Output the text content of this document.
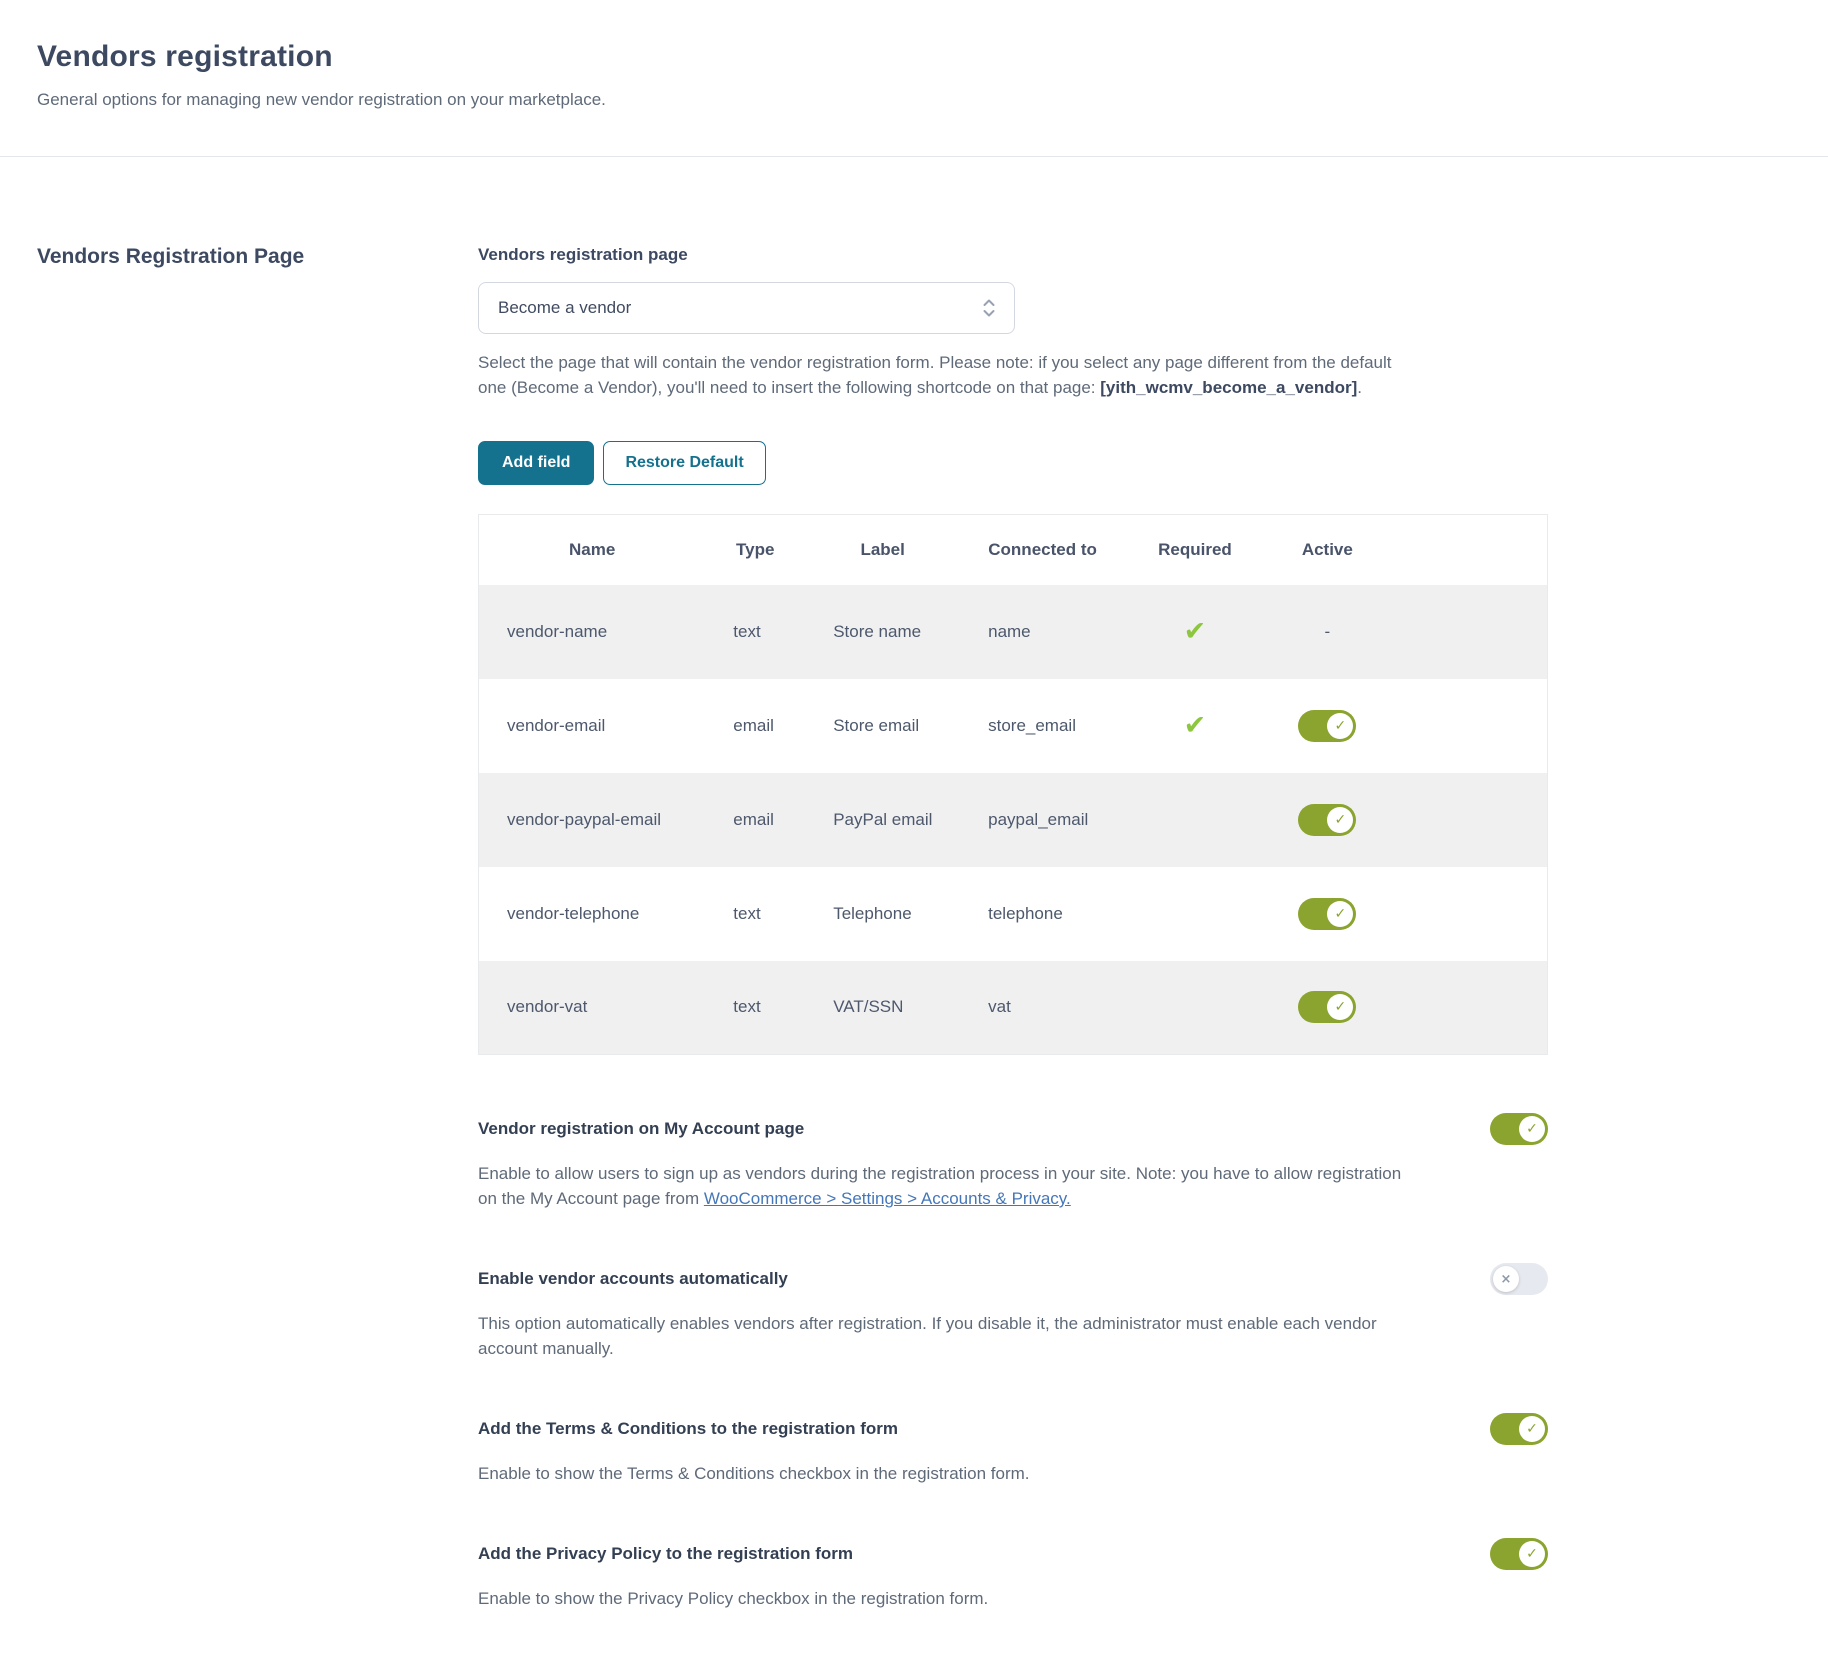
Vendors registration

General options for managing new vendor registration on your marketplace.

Vendors Registration Page	Vendors registration page
Become a vendor

Select the page that will contain the vendor registration form. Please note: if you select any page different from the default one (Become a Vendor), you'll need to insert the following shortcode on that page: [yith_wcmv_become_a_vendor].

Add field	Restore Default
Name	Type	Label	Connected to	Required	Active	
vendor-name	text	Store name	name	✔	-	
vendor-email	email	Store email	store_email	✔	✓	

vendor-paypal-email	email	PayPal email	paypal_email		✓	

vendor-telephone	text	Telephone	telephone		✓	

vendor-vat	text	VAT/SSN	vat		✓	

Vendor registration on My Account page	✓

Enable to allow users to sign up as vendors during the registration process in your site. Note: you have to allow registration on the My Account page from WooCommerce > Settings > Accounts & Privacy.

Enable vendor accounts automatically	×

This option automatically enables vendors after registration. If you disable it, the administrator must enable each vendor account manually.

Add the Terms & Conditions to the registration form	✓

Enable to show the Terms & Conditions checkbox in the registration form.

Add the Privacy Policy to the registration form	✓

Enable to show the Privacy Policy checkbox in the registration form.
